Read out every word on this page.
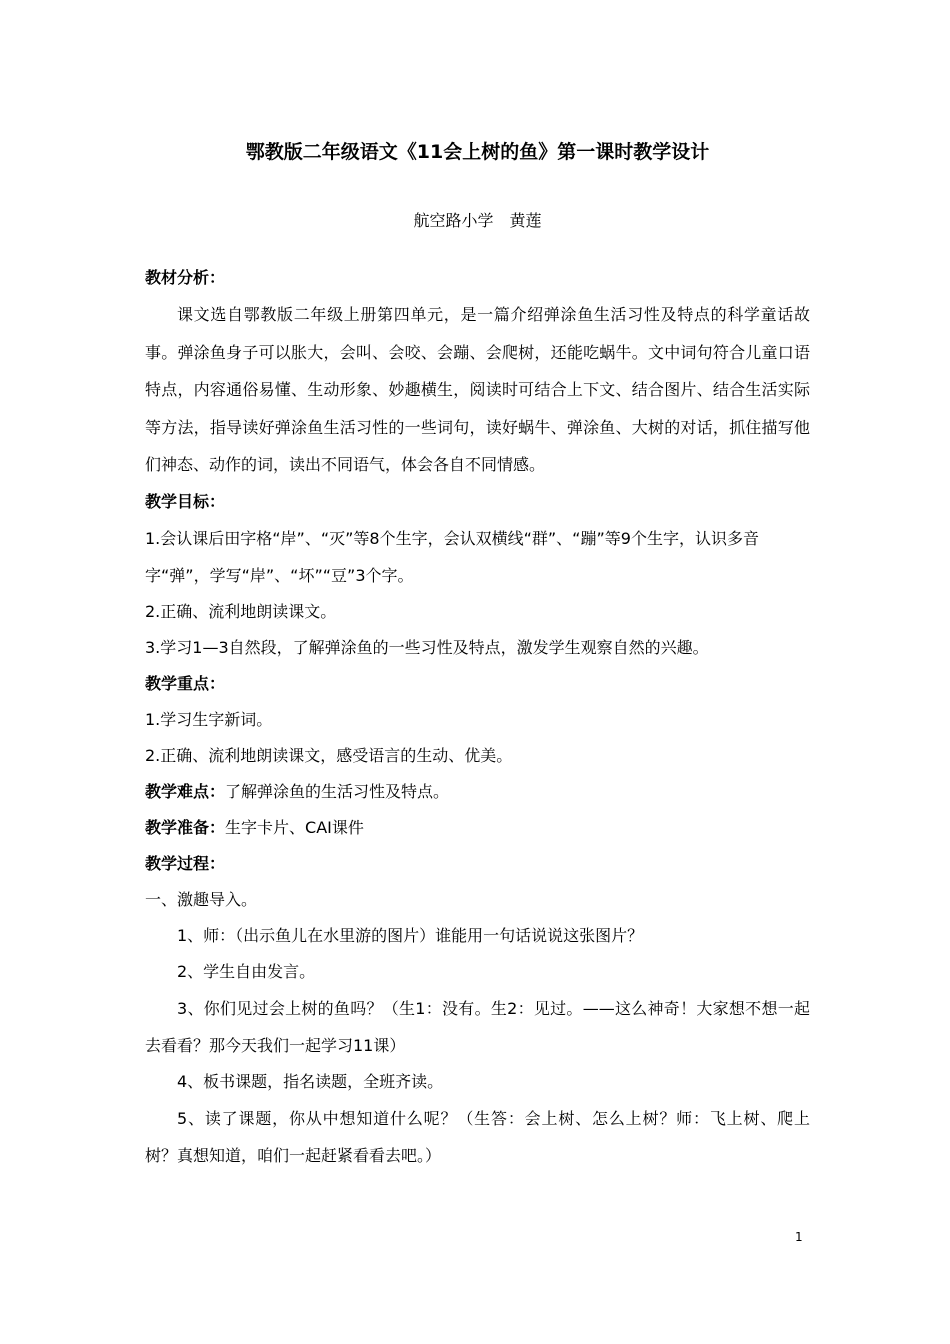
鄂教版二年级语文《11会上树的鱼》第一课时教学设计
航空路小学　黄莲
教材分析：
课文选自鄂教版二年级上册第四单元，是一篇介绍弹涂鱼生活习性及特点的科学童话故事。弹涂鱼身子可以胀大，会叫、会咬、会蹦、会爬树，还能吃蜗牛。文中词句符合儿童口语特点，内容通俗易懂、生动形象、妙趣横生，阅读时可结合上下文、结合图片、结合生活实际等方法，指导读好弹涂鱼生活习性的一些词句，读好蜗牛、弹涂鱼、大树的对话，抓住描写他们神态、动作的词，读出不同语气，体会各自不同情感。
教学目标：
1.会认课后田字格“岸”、“灭”等8个生字，会认双横线“群”、“蹦”等9个生字，认识多音字“弹”，学写“岸”、“坏”“豆”3个字。
2.正确、流利地朗读课文。
3.学习1—3自然段，了解弹涂鱼的一些习性及特点，激发学生观察自然的兴趣。
教学重点：
1.学习生字新词。
2.正确、流利地朗读课文，感受语言的生动、优美。
教学难点：了解弹涂鱼的生活习性及特点。
教学准备：生字卡片、CAI课件
教学过程：
一、激趣导入。
1、师：（出示鱼儿在水里游的图片）谁能用一句话说说这张图片？
2、学生自由发言。
3、你们见过会上树的鱼吗？（生1：没有。生2：见过。——这么神奇！大家想不想一起去看看？那今天我们一起学习11课）
4、板书课题，指名读题，全班齐读。
5、读了课题，你从中想知道什么呢？（生答：会上树、怎么上树？师：飞上树、爬上树？真想知道，咱们一起赶紧看看去吧。）
1
